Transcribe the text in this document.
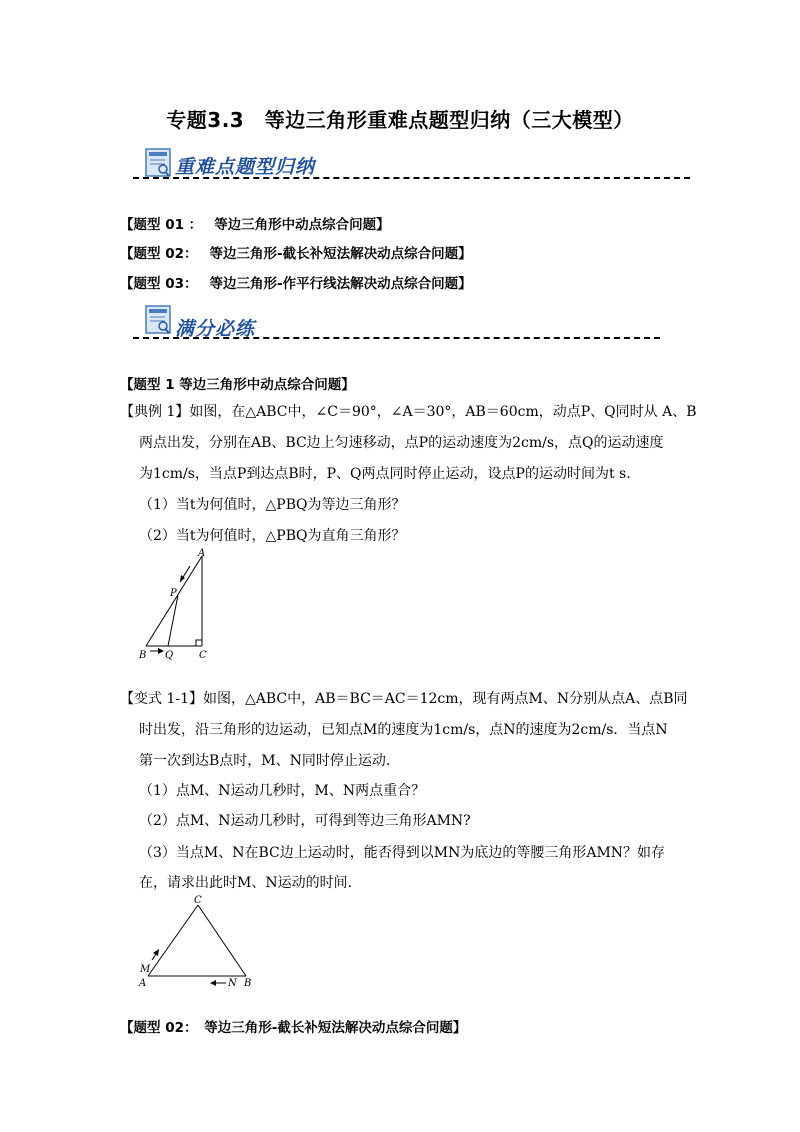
专题3.3　等边三角形重难点题型归纳（三大模型）
重难点题型归纳
【题型 01 ： 等边三角形中动点综合问题】
【题型 02： 等边三角形-截长补短法解决动点综合问题】
【题型 03： 等边三角形-作平行线法解决动点综合问题】
满分必练
【题型 1 等边三角形中动点综合问题】
【典例 1】如图，在△ABC中，∠C＝90°，∠A＝30°，AB＝60cm，动点P、Q同时从 A、B
两点出发，分别在AB、BC边上匀速移动，点P的运动速度为2cm/s，点Q的运动速度
为1cm/s，当点P到达点B时，P、Q两点同时停止运动，设点P的运动时间为t s.
（1）当t为何值时，△PBQ为等边三角形？
（2）当t为何值时，△PBQ为直角三角形？
A
P
B Q	C
【变式 1-1】如图，△ABC中，AB＝BC＝AC＝12cm，现有两点M、N分别从点A、点B同
时出发，沿三角形的边运动，已知点M的速度为1cm/s，点N的速度为2cm/s．当点N
第一次到达B点时，M、N同时停止运动.
（1）点M、N运动几秒时，M、N两点重合？
（2）点M、N运动几秒时，可得到等边三角形AMN?
（3）当点M、N在BC边上运动时，能否得到以MN为底边的等腰三角形AMN？如存
在，请求出此时M、N运动的时间.
C
M
A	N B
【题型 02：　等边三角形-截长补短法解决动点综合问题】
